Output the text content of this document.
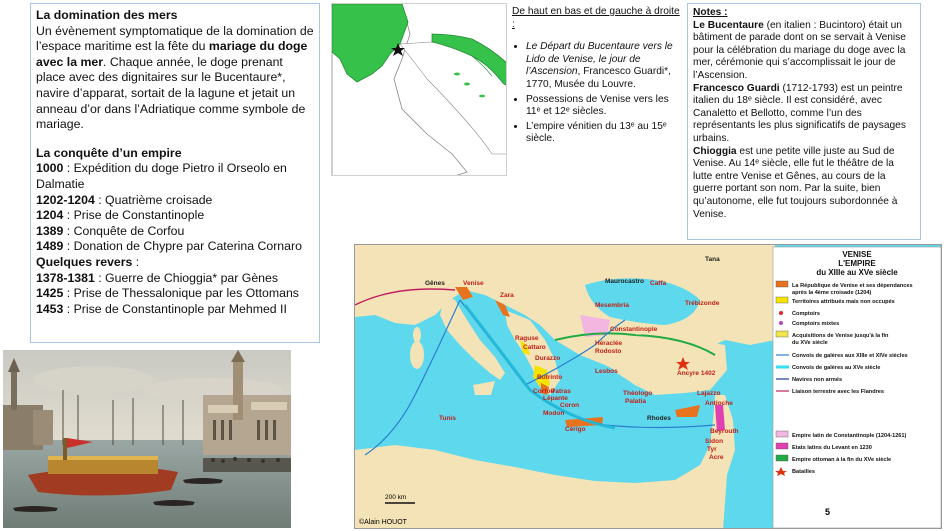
La domination des mers

Un évènement symptomatique de la domination de l’espace maritime est la fête du mariage du doge avec la mer. Chaque année, le doge prenant place avec des dignitaires sur le Bucentaure*, navire d’apparat, sortait de la lagune et jetait un anneau d’or dans l’Adriatique comme symbole de mariage.

La conquête d’un empire

1000 : Expédition du doge Pietro il Orseolo en Dalmatie

1202-1204 : Quatrième croisade

1204 : Prise de Constantinople

1389 : Conquête de Corfou

1489 : Donation de Chypre par Caterina Cornaro

Quelques revers :

1378-1381 : Guerre de Chioggia* par Gènes

1425 : Prise de Thessalonique par les Ottomans

1453 : Prise de Constantinople par Mehmed II

De haut en bas et de gauche à droite :
• Le Départ du Bucentaure vers le Lido de Venise, le jour de l’Ascension, Francesco Guardi*, 1770, Musée du Louvre.
• Possessions de Venise vers les 11ᵉ et 12ᵉ siècles.
• L’empire vénitien du 13ᵉ au 15ᵉ siècle.

Notes :

Le Bucentaure (en italien : Bucintoro) était un bâtiment de parade dont on se servait à Venise pour la célébration du mariage du doge avec la mer, cérémonie qui s’accomplissait le jour de l’Ascension.

Francesco Guardi (1712-1793) est un peintre italien du 18ᵉ siècle. Il est considéré, avec Canaletto et Bellotto, comme l’un des représentants les plus significatifs de paysages urbains.

Chioggia est une petite ville juste au Sud de Venise. Au 14ᵉ siècle, elle fut le théâtre de la lutte entre Venise et Gênes, au cours de la guerre portant son nom. Par la suite, bien qu’autonome, elle fut toujours subordonnée à Venise.

Tana
Venise
Gênes
Zara
Raguse
Cattaro
Durazzo
Butrinto
Corfou
Modon
Coron
Cérigo
Héraclée
Rodosto
Constantinople
Trébizonde
Théologo
Palatia
Rhodes
Lajazzo
Antioche
Beyrouth
Sidon
Tyr
Acre
Tunis
Maurocastro Caffa
Ancyre 1402
Mesembria
Lesbos
Lépante
Patras
200 km
©Alain HOUOT
VENISE
L'EMPIRE
du XIIIe au XVe siècle
La République de Venise et ses dépendances
après la 4ème croisade (1204)
Territoires attribués mais non occupés
Comptoirs
Comptoirs mixtes
Acquisitions de Venise jusqu'à la fin
du XVe siècle
Convois de galères aux XIIIe et XIVe siècles
Convois de galères au XVe siècle
Navires non armés
Liaison terrestre avec les Flandres
Empire latin de Constantinople (1204-1261)
Etats latins du Levant en 1230
Empire ottoman à la fin du XVe siècle
Batailles
5
